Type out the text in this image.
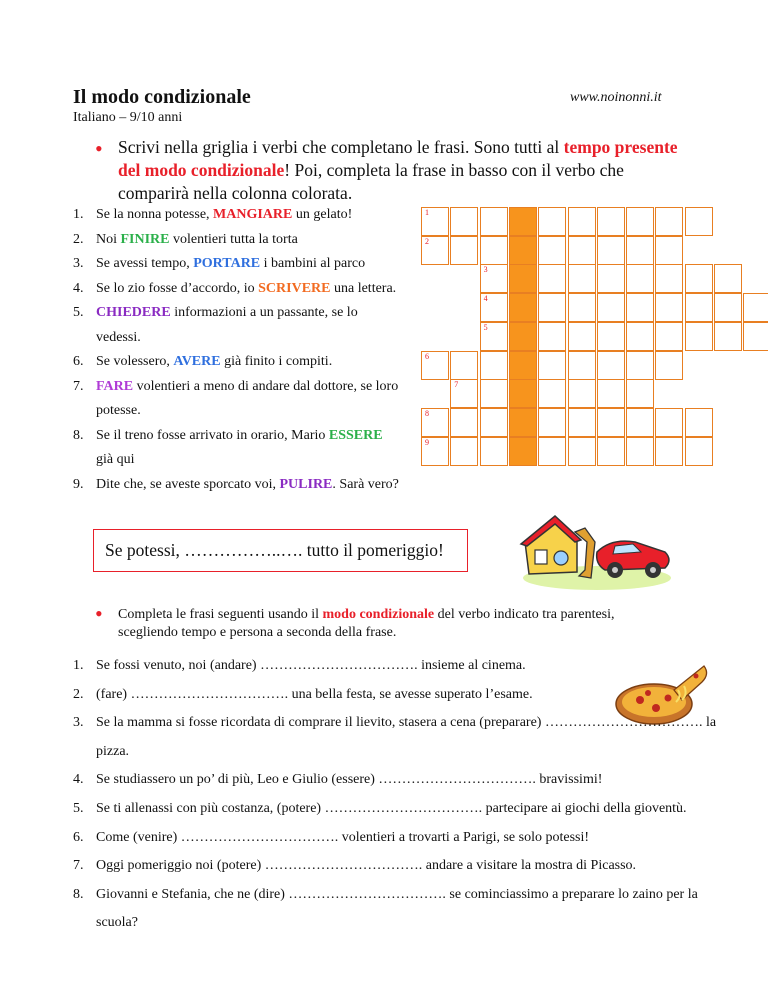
Il modo condizionale
Italiano – 9/10 anni
www.noinonni.it
• Scrivi nella griglia i verbi che completano le frasi. Sono tutti al tempo presente del modo condizionale! Poi, completa la frase in basso con il verbo che comparirà nella colonna colorata.
1. Se la nonna potesse, MANGIARE un gelato!
2. Noi FINIRE volentieri tutta la torta
3. Se avessi tempo, PORTARE i bambini al parco
4. Se lo zio fosse d’accordo, io SCRIVERE una lettera.
5. CHIEDERE informazioni a un passante, se lo vedessi.
6. Se volessero, AVERE già finito i compiti.
7. FARE volentieri a meno di andare dal dottore, se loro potesse.
8. Se il treno fosse arrivato in orario, Mario ESSERE già qui
9. Dite che, se aveste sporcato voi, PULIRE. Sarà vero?
1
2
3
4
5
6
7
8
9
Se potessi, ……………..…. tutto il pomeriggio!
• Completa le frasi seguenti usando il modo condizionale del verbo indicato tra parentesi, scegliendo tempo e persona a seconda della frase.
1. Se fossi venuto, noi (andare) ……………………………. insieme al cinema.
2. (fare) ……………………………. una bella festa, se avesse superato l’esame.
3. Se la mamma si fosse ricordata di comprare il lievito, stasera a cena (preparare) ……………………………. la pizza.
4. Se studiassero un po’ di più, Leo e Giulio (essere) ……………………………. bravissimi!
5. Se ti allenassi con più costanza, (potere) ……………………………. partecipare ai giochi della gioventù.
6. Come (venire) ……………………………. volentieri a trovarti a Parigi, se solo potessi!
7. Oggi pomeriggio noi (potere) ……………………………. andare a visitare la mostra di Picasso.
8. Giovanni e Stefania, che ne (dire) ……………………………. se cominciassimo a preparare lo zaino per la scuola?
